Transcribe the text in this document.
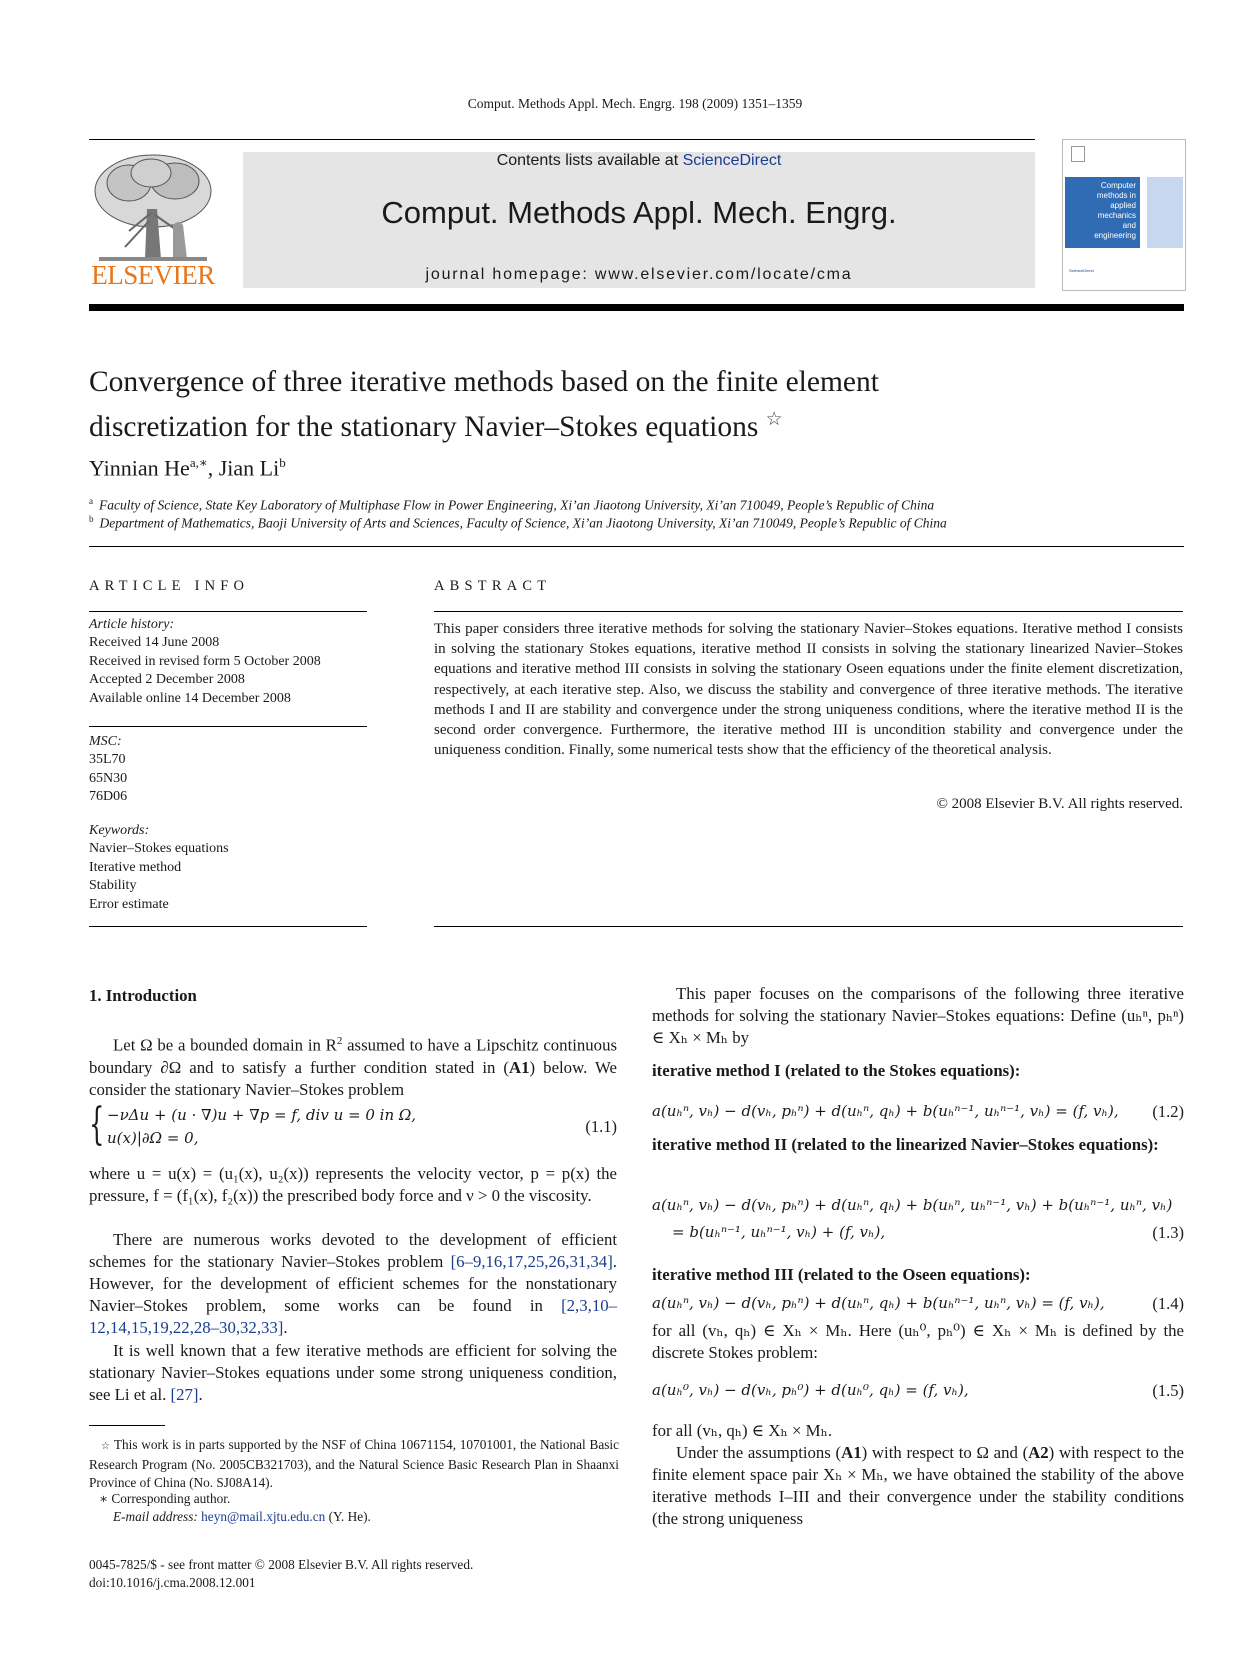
Comput. Methods Appl. Mech. Engrg. 198 (2009) 1351–1359
ELSEVIER
Contents lists available at ScienceDirect
Comput. Methods Appl. Mech. Engrg.
journal homepage: www.elsevier.com/locate/cma
Computer
methods in
applied
mechanics
and
engineering
ScienceDirect
Convergence of three iterative methods based on the finite element
discretization for the stationary Navier–Stokes equations ☆
Yinnian $He^{a,∗}$, Jian Li$^b$
$^a$ Faculty of Science, State Key Laboratory of Multiphase Flow in Power Engineering, Xi’an Jiaotong University, Xi’an 710049, People’s Republic of China
$^b$ Department of Mathematics, Baoji University of Arts and Sciences, Faculty of Science, Xi’an Jiaotong University, Xi’an 710049, People’s Republic of China
ARTICLE INFO
Article history:
Received 14 June 2008
Received in revised form 5 October 2008
Accepted 2 December 2008
Available online 14 December 2008
MSC:
35L70
65N30
76D06
Keywords:
Navier–Stokes equations
Iterative method
Stability
Error estimate
ABSTRACT
This paper considers three iterative methods for solving the stationary Navier–Stokes equations. Iterative method I consists in solving the stationary Stokes equations, iterative method II consists in solving the stationary linearized Navier–Stokes equations and iterative method III consists in solving the stationary Oseen equations under the finite element discretization, respectively, at each iterative step. Also, we discuss the stability and convergence of three iterative methods. The iterative methods I and II are stability and convergence under the strong uniqueness conditions, where the iterative method II is the second order convergence. Furthermore, the iterative method III is uncondition stability and convergence under the uniqueness condition. Finally, some numerical tests show that the efficiency of the theoretical analysis.
© 2008 Elsevier B.V. All rights reserved.
1. Introduction
Let Ω be a bounded domain in $R^2$ assumed to have a Lipschitz continuous boundary ∂Ω and to satisfy a further condition stated in (A1) below. We consider the stationary Navier–Stokes problem
{ −νΔu + (u · ∇)u + ∇p = f, div u = 0 in Ω,
u(x)|∂Ω = 0,
(1.1)
where u = u(x) = (u₁(x), u₂(x)) represents the velocity vector, p = p(x) the pressure, f = (f₁(x), f₂(x)) the prescribed body force and ν > 0 the viscosity.
There are numerous works devoted to the development of efficient schemes for the stationary Navier–Stokes problem [6–9,16,17,25,26,31,34]. However, for the development of efficient schemes for the nonstationary Navier–Stokes problem, some works can be found in [2,3,10–12,14,15,19,22,28–30,32,33].
It is well known that a few iterative methods are efficient for solving the stationary Navier–Stokes equations under some strong uniqueness condition, see Li et al. [27].
☆ This work is in parts supported by the NSF of China 10671154, 10701001, the National Basic Research Program (No. 2005CB321703), and the Natural Science Basic Research Plan in Shaanxi Province of China (No. SJ08A14).
∗ Corresponding author.
E-mail address: heyn@mail.xjtu.edu.cn (Y. He).
0045-7825/$ - see front matter © 2008 Elsevier B.V. All rights reserved.
doi:10.1016/j.cma.2008.12.001
This paper focuses on the comparisons of the following three iterative methods for solving the stationary Navier–Stokes equations: Define (uₕⁿ, pₕⁿ) ∈ Xₕ × Mₕ by
iterative method I (related to the Stokes equations):
a(uₕⁿ, vₕ) − d(vₕ, pₕⁿ) + d(uₕⁿ, qₕ) + b(uₕⁿ⁻¹, uₕⁿ⁻¹, vₕ) = (f, vₕ), (1.2)
iterative method II (related to the linearized Navier–Stokes equations):
a(uₕⁿ, vₕ) − d(vₕ, pₕⁿ) + d(uₕⁿ, qₕ) + b(uₕⁿ, uₕⁿ⁻¹, vₕ) + b(uₕⁿ⁻¹, uₕⁿ, vₕ)
= b(uₕⁿ⁻¹, uₕⁿ⁻¹, vₕ) + (f, vₕ),	(1.3)
iterative method III (related to the Oseen equations):
a(uₕⁿ, vₕ) − d(vₕ, pₕⁿ) + d(uₕⁿ, qₕ) + b(uₕⁿ⁻¹, uₕⁿ, vₕ) = (f, vₕ),	(1.4)
for all (vₕ, qₕ) ∈ Xₕ × Mₕ. Here (uₕ⁰, pₕ⁰) ∈ Xₕ × Mₕ is defined by the discrete Stokes problem:
a(uₕ⁰, vₕ) − d(vₕ, pₕ⁰) + d(uₕ⁰, qₕ) = (f, vₕ),	(1.5)
for all (vₕ, qₕ) ∈ Xₕ × Mₕ.
Under the assumptions (A1) with respect to Ω and (A2) with respect to the finite element space pair Xₕ × Mₕ, we have obtained the stability of the above iterative methods I–III and their convergence under the stability conditions (the strong uniqueness
